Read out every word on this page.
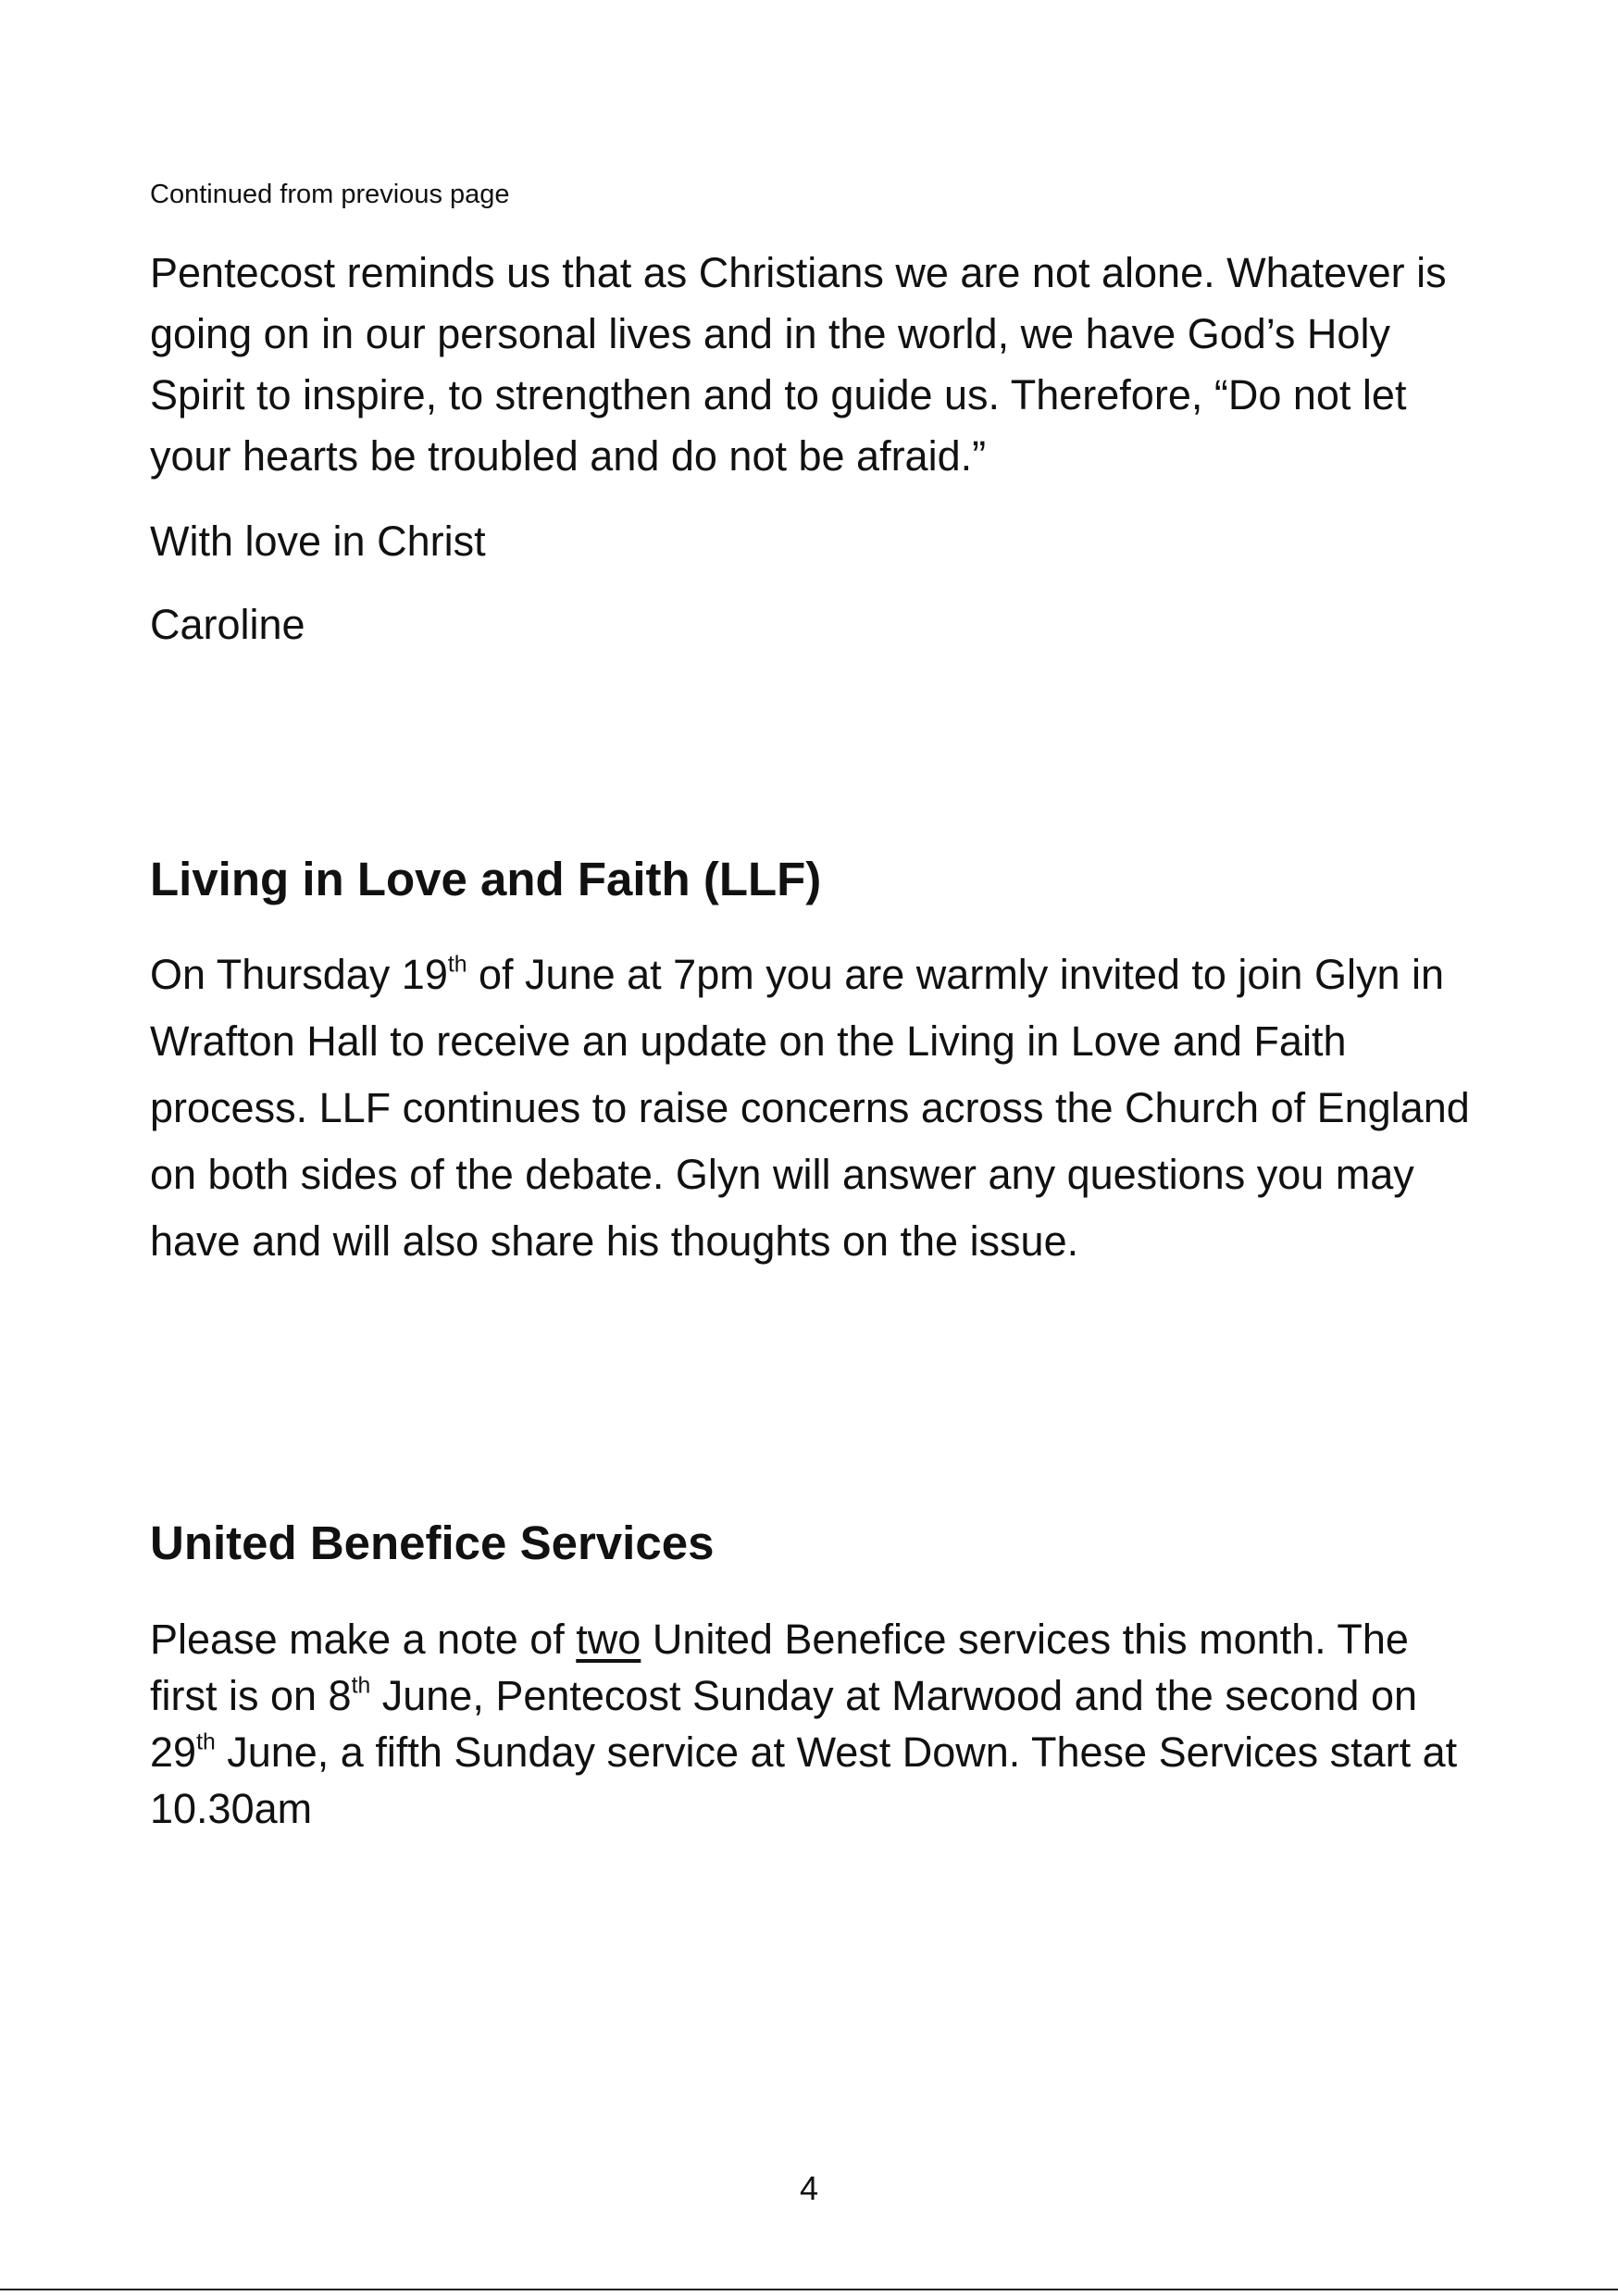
Continued from previous page

Pentecost reminds us that as Christians we are not alone. Whatever is going on in our personal lives and in the world, we have God’s Holy Spirit to inspire, to strengthen and to guide us. Therefore, “Do not let your hearts be troubled and do not be afraid.”

With love in Christ
Caroline
Living in Love and Faith (LLF)

On Thursday 19th of June at 7pm you are warmly invited to join Glyn in Wrafton Hall to receive an update on the Living in Love and Faith process. LLF continues to raise concerns across the Church of England on both sides of the debate. Glyn will answer any questions you may have and will also share his thoughts on the issue.

United Benefice Services

Please make a note of two United Benefice services this month. The first is on 8th June, Pentecost Sunday at Marwood and the second on 29th June, a fifth Sunday service at West Down. These Services start at 10.30am

4
